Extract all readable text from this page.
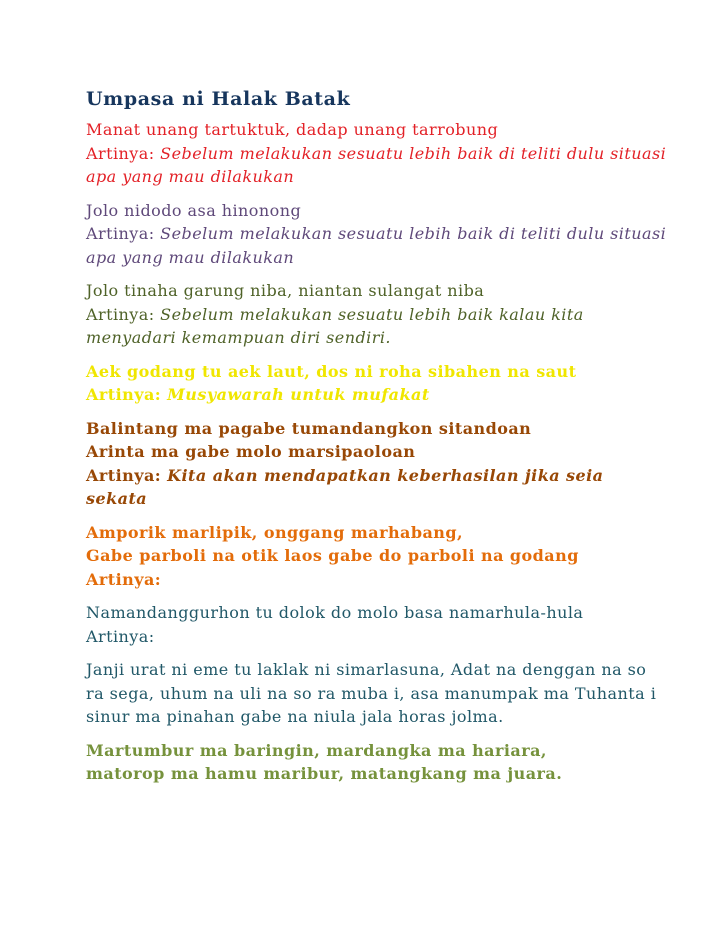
Umpasa ni Halak Batak

Manat unang tartuktuk, dadap unang tarrobung
Artinya: Sebelum melakukan sesuatu lebih baik di teliti dulu situasi apa yang mau dilakukan

Jolo nidodo asa hinonong
Artinya: Sebelum melakukan sesuatu lebih baik di teliti dulu situasi apa yang mau dilakukan

Jolo tinaha garung niba, niantan sulangat niba
Artinya: Sebelum melakukan sesuatu lebih baik kalau kita menyadari kemampuan diri sendiri.

Aek godang tu aek laut, dos ni roha sibahen na saut
Artinya: Musyawarah untuk mufakat

Balintang ma pagabe tumandangkon sitandoan
Arinta ma gabe molo marsipaoloan
Artinya: Kita akan mendapatkan keberhasilan jika seia sekata

Amporik marlipik, onggang marhabang,
Gabe parboli na otik laos gabe do parboli na godang
Artinya:

Namandanggurhon tu dolok do molo basa namarhula-hula
Artinya:

Janji urat ni eme tu laklak ni simarlasuna, Adat na denggan na so ra sega, uhum na uli na so ra muba i, asa manumpak ma Tuhanta i sinur ma pinahan gabe na niula jala horas jolma.

Martumbur ma baringin, mardangka ma hariara,
matorop ma hamu maribur, matangkang ma juara.
